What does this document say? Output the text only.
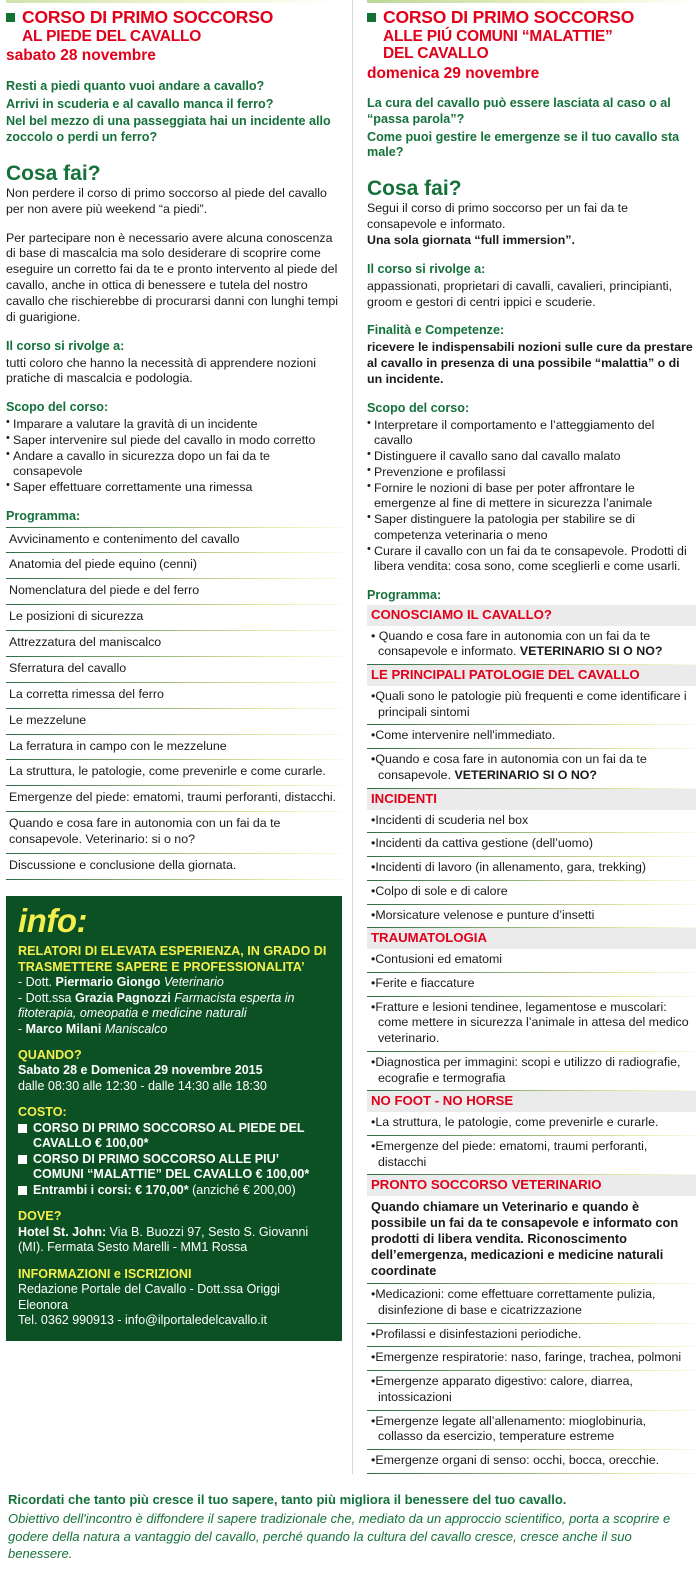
CORSO DI PRIMO SOCCORSO
AL PIEDE DEL CAVALLO
sabato 28 novembre

Resti a piedi quanto vuoi andare a cavallo?

Arrivi in scuderia e al cavallo manca il ferro?

Nel bel mezzo di una passeggiata hai un incidente allo zoccolo o perdi un ferro?

Cosa fai?

Non perdere il corso di primo soccorso al piede del cavallo per non avere più weekend “a piedi”.

Per partecipare non è necessario avere alcuna conoscenza di base di mascalcia ma solo desiderare di scoprire come eseguire un corretto fai da te e pronto intervento al piede del cavallo, anche in ottica di benessere e tutela del nostro cavallo che rischierebbe di procurarsi danni con lunghi tempi di guarigione.

Il corso si rivolge a:

tutti coloro che hanno la necessità di apprendere nozioni pratiche di mascalcia e podologia.

Scopo del corso:
• Imparare a valutare la gravità di un incidente
• Saper intervenire sul piede del cavallo in modo corretto
• Andare a cavallo in sicurezza dopo un fai da te consapevole
• Saper effettuare correttamente una rimessa
Programma:
Avvicinamento e contenimento del cavallo
Anatomia del piede equino (cenni)
Nomenclatura del piede e del ferro
Le posizioni di sicurezza
Attrezzatura del maniscalco
Sferratura del cavallo
La corretta rimessa del ferro
Le mezzelune
La ferratura in campo con le mezzelune
La struttura, le patologie, come prevenirle e come curarle.
Emergenze del piede: ematomi, traumi perforanti, distacchi.
Quando e cosa fare in autonomia con un fai da te consapevole. Veterinario: si o no?
Discussione e conclusione della giornata.
info:
RELATORI DI ELEVATA ESPERIENZA, IN GRADO DI TRASMETTERE SAPERE E PROFESSIONALITA’
- Dott. Piermario Giongo Veterinario
- Dott.ssa Grazia Pagnozzi Farmacista esperta in fitoterapia, omeopatia e medicine naturali
- Marco Milani Maniscalco
QUANDO?
Sabato 28 e Domenica 29 novembre 2015
dalle 08:30 alle 12:30 - dalle 14:30 alle 18:30
COSTO:
CORSO DI PRIMO SOCCORSO AL PIEDE DEL CAVALLO € 100,00*
CORSO DI PRIMO SOCCORSO ALLE PIU’ COMUNI “MALATTIE” DEL CAVALLO € 100,00*
Entrambi i corsi: € 170,00* (anziché € 200,00)
DOVE?
Hotel St. John: Via B. Buozzi 97, Sesto S. Giovanni (MI). Fermata Sesto Marelli - MM1 Rossa
INFORMAZIONI e ISCRIZIONI
Redazione Portale del Cavallo - Dott.ssa Origgi Eleonora
Tel. 0362 990913 - info@ilportaledelcavallo.it
CORSO DI PRIMO SOCCORSO
ALLE PIÚ COMUNI “MALATTIE”
DEL CAVALLO
domenica 29 novembre

La cura del cavallo può essere lasciata al caso o al “passa parola”?

Come puoi gestire le emergenze se il tuo cavallo sta male?

Cosa fai?

Segui il corso di primo soccorso per un fai da te consapevole e informato.

Una sola giornata “full immersion”.

Il corso si rivolge a:

appassionati, proprietari di cavalli, cavalieri, principianti, groom e gestori di centri ippici e scuderie.

Finalità e Competenze:

ricevere le indispensabili nozioni sulle cure da prestare al cavallo in presenza di una possibile “malattia” o di un incidente.

Scopo del corso:
• Interpretare il comportamento e l’atteggiamento del cavallo
• Distinguere il cavallo sano dal cavallo malato
• Prevenzione e profilassi
• Fornire le nozioni di base per poter affrontare le emergenze al fine di mettere in sicurezza l’animale
• Saper distinguere la patologia per stabilire se di competenza veterinaria o meno
• Curare il cavallo con un fai da te consapevole. Prodotti di libera vendita: cosa sono, come sceglierli e come usarli.
Programma:
CONOSCIAMO IL CAVALLO?
• Quando e cosa fare in autonomia con un fai da te consapevole e informato. VETERINARIO SI O NO?
LE PRINCIPALI PATOLOGIE DEL CAVALLO
•Quali sono le patologie più frequenti e come identificare i principali sintomi
•Come intervenire nell'immediato.
•Quando e cosa fare in autonomia con un fai da te consapevole. VETERINARIO SI O NO?
INCIDENTI
•Incidenti di scuderia nel box
•Incidenti da cattiva gestione (dell’uomo)
•Incidenti di lavoro (in allenamento, gara, trekking)
•Colpo di sole e di calore
•Morsicature velenose e punture d’insetti
TRAUMATOLOGIA
•Contusioni ed ematomi
•Ferite e fiaccature
•Fratture e lesioni tendinee, legamentose e muscolari: come mettere in sicurezza l’animale in attesa del medico veterinario.
•Diagnostica per immagini: scopi e utilizzo di radiografie, ecografie e termografia
NO FOOT - NO HORSE
•La struttura, le patologie, come prevenirle e curarle.
•Emergenze del piede: ematomi, traumi perforanti, distacchi
PRONTO SOCCORSO VETERINARIO
Quando chiamare un Veterinario e quando è possibile un fai da te consapevole e informato con prodotti di libera vendita. Riconoscimento dell’emergenza, medicazioni e medicine naturali coordinate
•Medicazioni: come effettuare correttamente pulizia, disinfezione di base e cicatrizzazione
•Profilassi e disinfestazioni periodiche.
•Emergenze respiratorie: naso, faringe, trachea, polmoni
•Emergenze apparato digestivo: calore, diarrea, intossicazioni
•Emergenze legate all’allenamento: mioglobinuria, collasso da esercizio, temperature estreme
•Emergenze organi di senso: occhi, bocca, orecchie.

Ricordati che tanto più cresce il tuo sapere, tanto più migliora il benessere del tuo cavallo.

Obiettivo dell'incontro è diffondere il sapere tradizionale che, mediato da un approccio scientifico, porta a scoprire e godere della natura a vantaggio del cavallo, perché quando la cultura del cavallo cresce, cresce anche il suo benessere.
